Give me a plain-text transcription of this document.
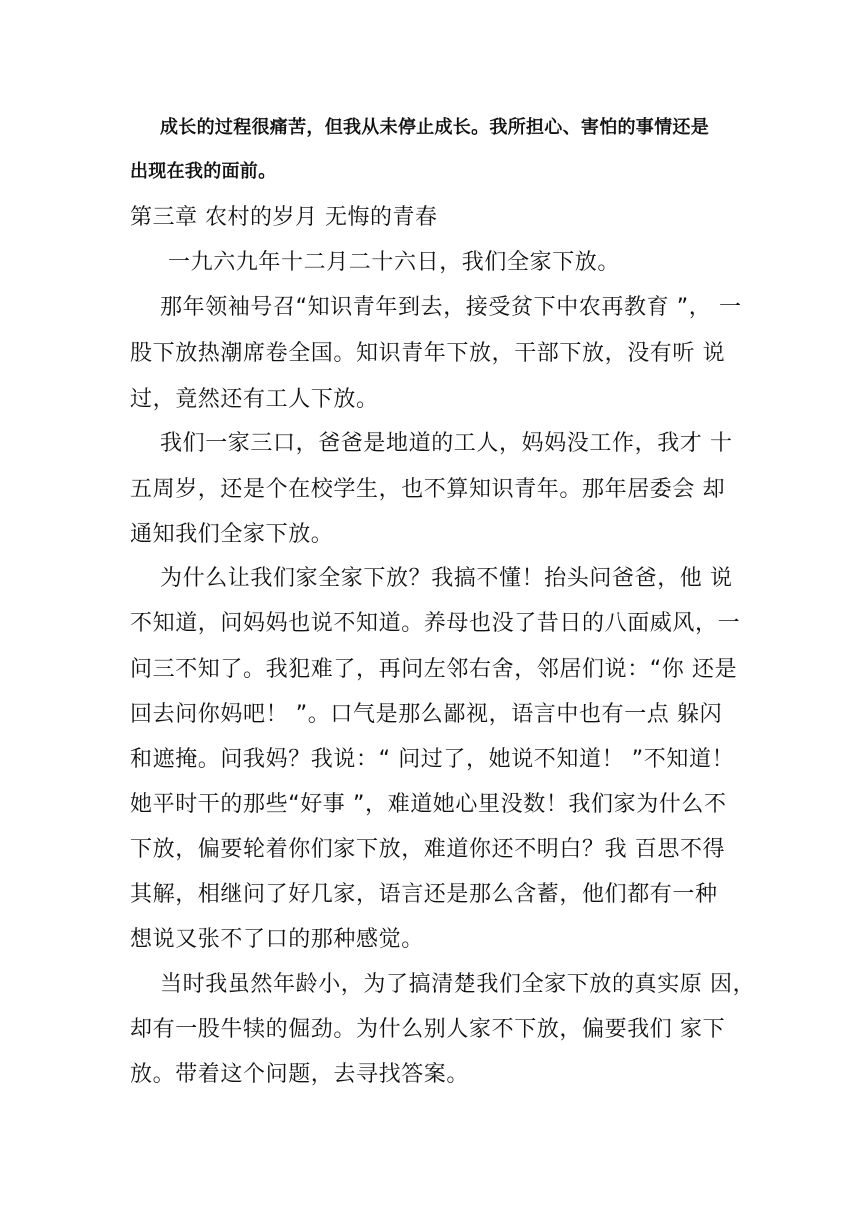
成长的过程很痛苦，但我从未停止成长。我所担心、害怕的事情还是

出现在我的面前。

第三章 农村的岁月 无悔的青春

一九六九年十二月二十六日，我们全家下放。

那年领袖号召“知识青年到去，接受贫下中农再教育 ”， 一

股下放热潮席卷全国。知识青年下放，干部下放，没有听 说

过，竟然还有工人下放。

我们一家三口，爸爸是地道的工人，妈妈没工作，我才 十

五周岁，还是个在校学生，也不算知识青年。那年居委会 却

通知我们全家下放。

为什么让我们家全家下放？我搞不懂！抬头问爸爸，他 说

不知道，问妈妈也说不知道。养母也没了昔日的八面威风，一

问三不知了。我犯难了，再问左邻右舍，邻居们说：“你 还是

回去问你妈吧！ ”。口气是那么鄙视，语言中也有一点 躲闪

和遮掩。问我妈？我说：“ 问过了，她说不知道！ ”不知道！

她平时干的那些“好事 ”，难道她心里没数！我们家为什么不

下放，偏要轮着你们家下放，难道你还不明白？我 百思不得

其解，相继问了好几家，语言还是那么含蓄，他们都有一种

想说又张不了口的那种感觉。

当时我虽然年龄小，为了搞清楚我们全家下放的真实原 因，

却有一股牛犊的倔劲。为什么别人家不下放，偏要我们 家下

放。带着这个问题，去寻找答案。
